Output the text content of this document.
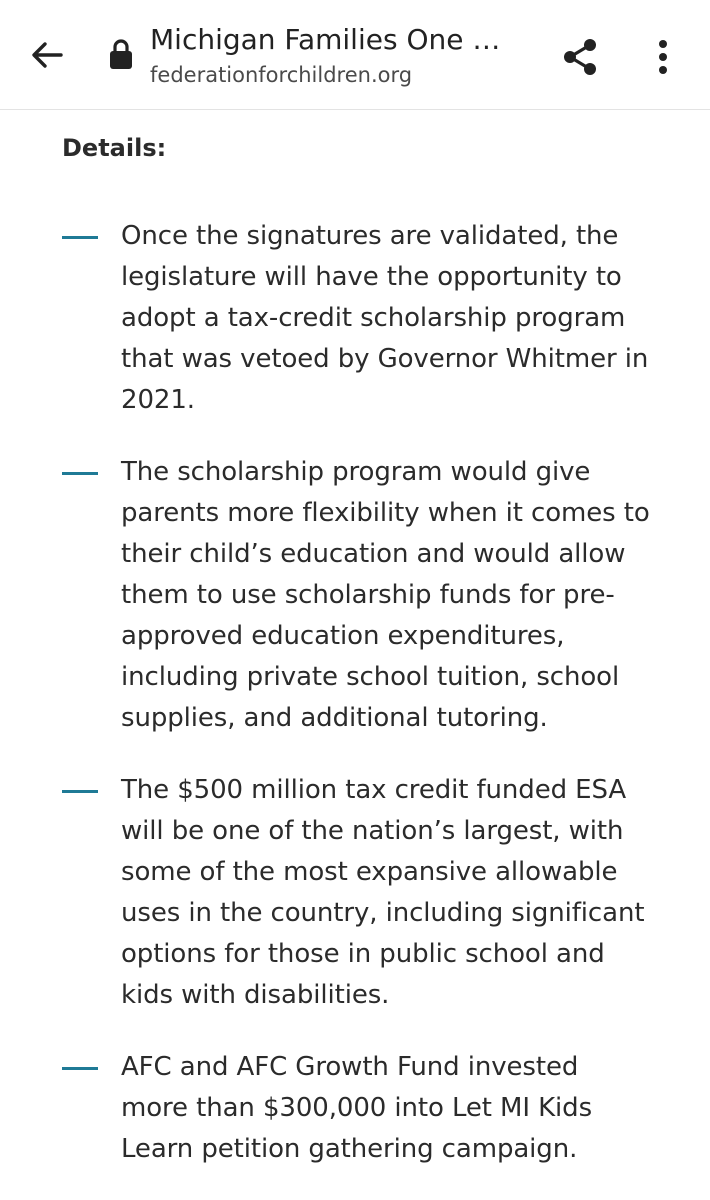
Michigan Families One …
federationforchildren.org
Details:
Once the signatures are validated, the legislature will have the opportunity to adopt a tax-credit scholarship program that was vetoed by Governor Whitmer in 2021.
The scholarship program would give parents more flexibility when it comes to their child’s education and would allow them to use scholarship funds for pre-approved education expenditures, including private school tuition, school supplies, and additional tutoring.
The $500 million tax credit funded ESA will be one of the nation’s largest, with some of the most expansive allowable uses in the country, including significant options for those in public school and kids with disabilities.
AFC and AFC Growth Fund invested more than $300,000 into Let MI Kids Learn petition gathering campaign.
